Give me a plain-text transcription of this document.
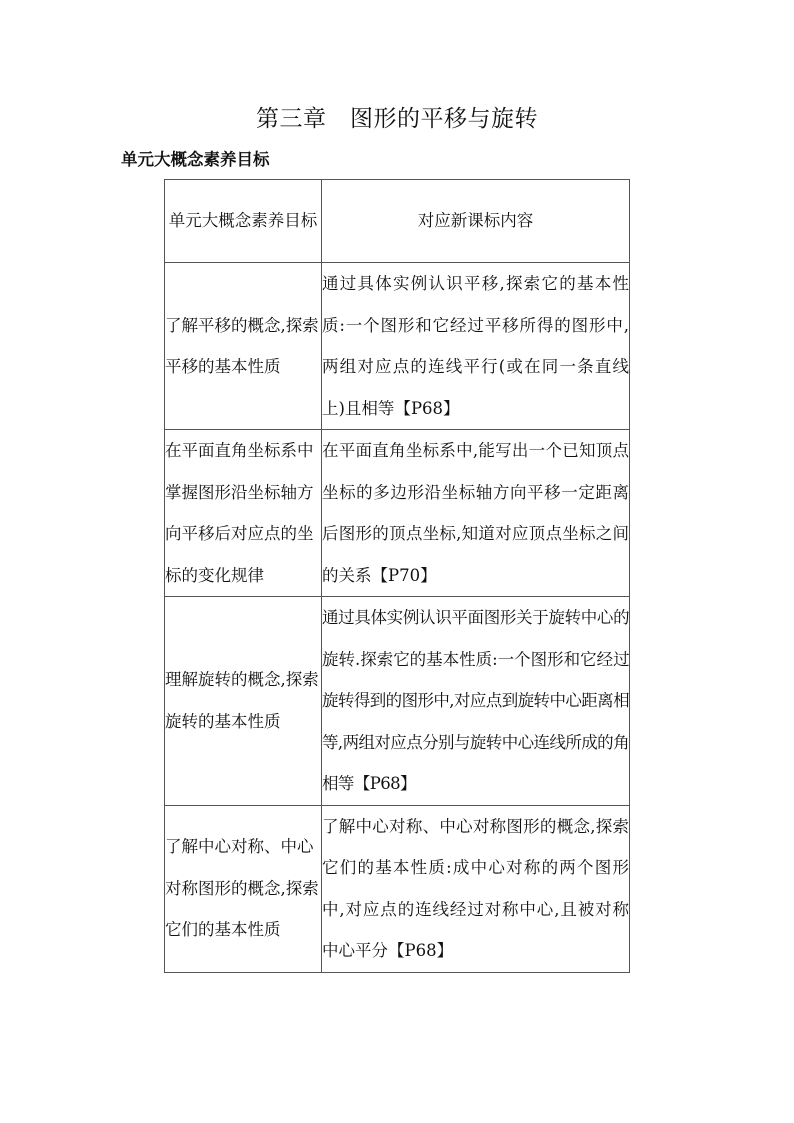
第三章　图形的平移与旋转
单元大概念素养目标
单元大概念素养目标	对应新课标内容
了解平移的概念,探索平移的基本性质	通过具体实例认识平移,探索它的基本性质:一个图形和它经过平移所得的图形中,两组对应点的连线平行(或在同一条直线上)且相等【P68】
在平面直角坐标系中掌握图形沿坐标轴方向平移后对应点的坐标的变化规律	在平面直角坐标系中,能写出一个已知顶点坐标的多边形沿坐标轴方向平移一定距离后图形的顶点坐标,知道对应顶点坐标之间的关系【P70】
理解旋转的概念,探索旋转的基本性质	通过具体实例认识平面图形关于旋转中心的旋转.探索它的基本性质:一个图形和它经过旋转得到的图形中,对应点到旋转中心距离相等,两组对应点分别与旋转中心连线所成的角相等【P68】
了解中心对称、中心对称图形的概念,探索它们的基本性质	了解中心对称、中心对称图形的概念,探索它们的基本性质:成中心对称的两个图形中,对应点的连线经过对称中心,且被对称中心平分【P68】
